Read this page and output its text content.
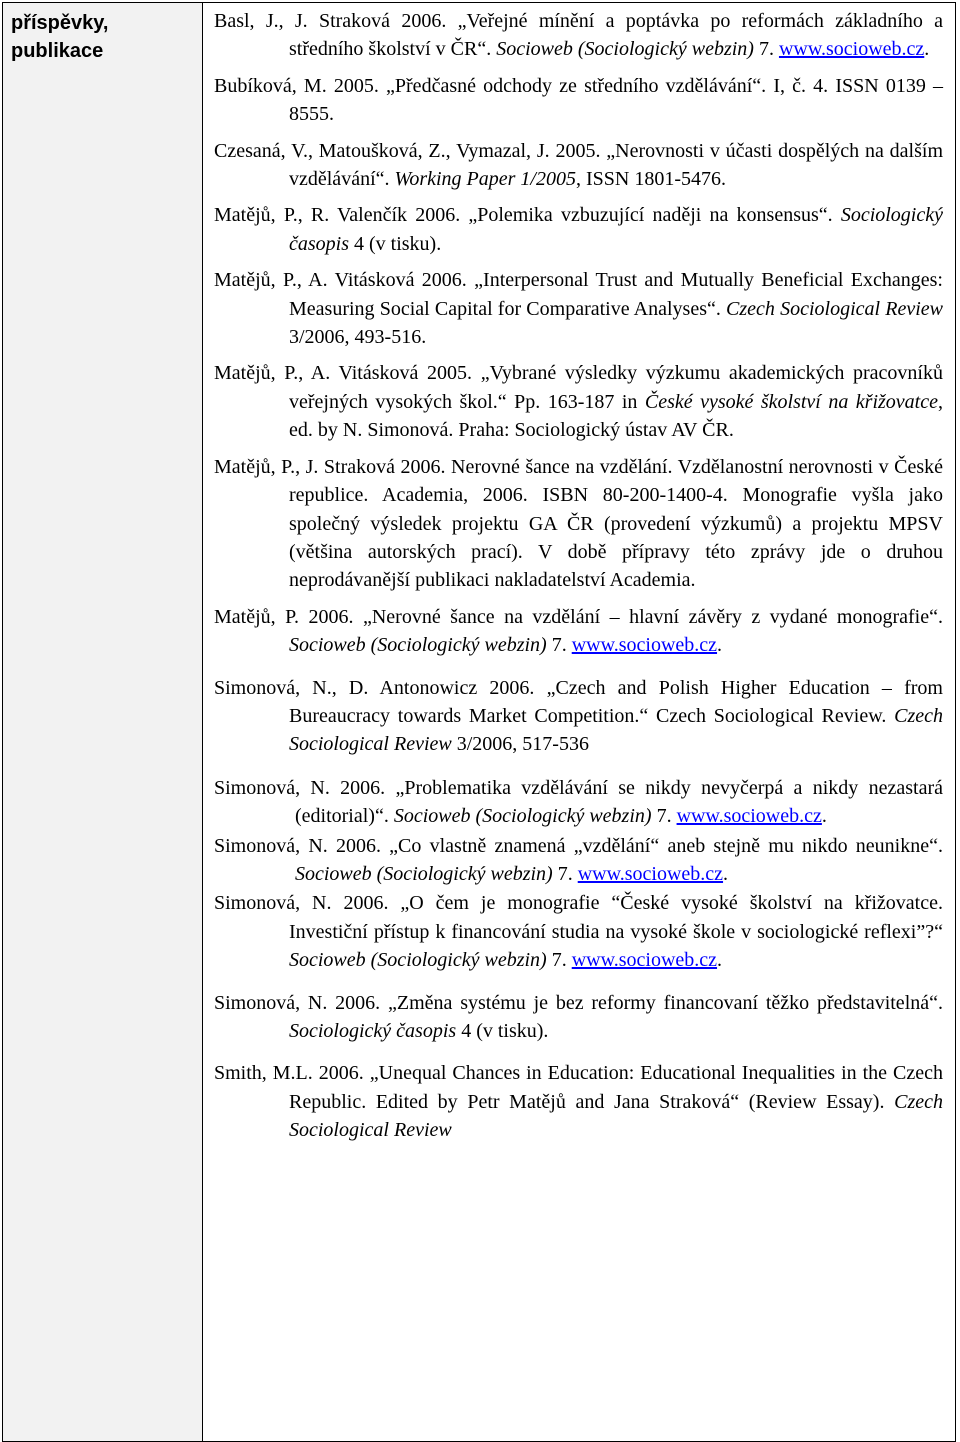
příspěvky,
publikace

Basl, J., J. Straková 2006. „Veřejné mínění a poptávka po reformách základního a středního školství v ČR“. Socioweb (Sociologický webzin) 7. www.socioweb.cz.

Bubíková, M. 2005. „Předčasné odchody ze středního vzdělávání“. I, č. 4. ISSN 0139 – 8555.

Czesaná, V., Matoušková, Z., Vymazal, J. 2005. „Nerovnosti v účasti dospělých na dalším vzdělávání“. Working Paper 1/2005, ISSN 1801-5476.

Matějů, P., R. Valenčík 2006. „Polemika vzbuzující naději na konsensus“. Sociologický časopis 4 (v tisku).

Matějů, P., A. Vitásková 2006. „Interpersonal Trust and Mutually Beneficial Exchanges: Measuring Social Capital for Comparative Analyses“. Czech Sociological Review 3/2006, 493-516.

Matějů, P., A. Vitásková 2005. „Vybrané výsledky výzkumu akademických pracovníků veřejných vysokých škol.“ Pp. 163-187 in České vysoké školství na křižovatce, ed. by N. Simonová. Praha: Sociologický ústav AV ČR.

Matějů, P., J. Straková 2006. Nerovné šance na vzdělání. Vzdělanostní nerovnosti v České republice. Academia, 2006. ISBN 80-200-1400-4. Monografie vyšla jako společný výsledek projektu GA ČR (provedení výzkumů) a projektu MPSV (většina autorských prací). V době přípravy této zprávy jde o druhou neprodávanější publikaci nakladatelství Academia.

Matějů, P. 2006. „Nerovné šance na vzdělání – hlavní závěry z vydané monografie“. Socioweb (Sociologický webzin) 7. www.socioweb.cz.

Simonová, N., D. Antonowicz 2006. „Czech and Polish Higher Education – from Bureaucracy towards Market Competition.“ Czech Sociological Review. Czech Sociological Review 3/2006, 517-536

Simonová, N. 2006. „Problematika vzdělávání se nikdy nevyčerpá a nikdy nezastará (editorial)“. Socioweb (Sociologický webzin) 7. www.socioweb.cz.

Simonová, N. 2006. „Co vlastně znamená „vzdělání“ aneb stejně mu nikdo neunikne“. Socioweb (Sociologický webzin) 7. www.socioweb.cz.

Simonová, N. 2006. „O čem je monografie “České vysoké školství na křižovatce. Investiční přístup k financování studia na vysoké škole v sociologické reflexi”?“ Socioweb (Sociologický webzin) 7. www.socioweb.cz.

Simonová, N. 2006. „Změna systému je bez reformy financovaní těžko představitelná“. Sociologický časopis 4 (v tisku).

Smith, M.L. 2006. „Unequal Chances in Education: Educational Inequalities in the Czech Republic. Edited by Petr Matějů and Jana Straková“ (Review Essay). Czech Sociological Review
